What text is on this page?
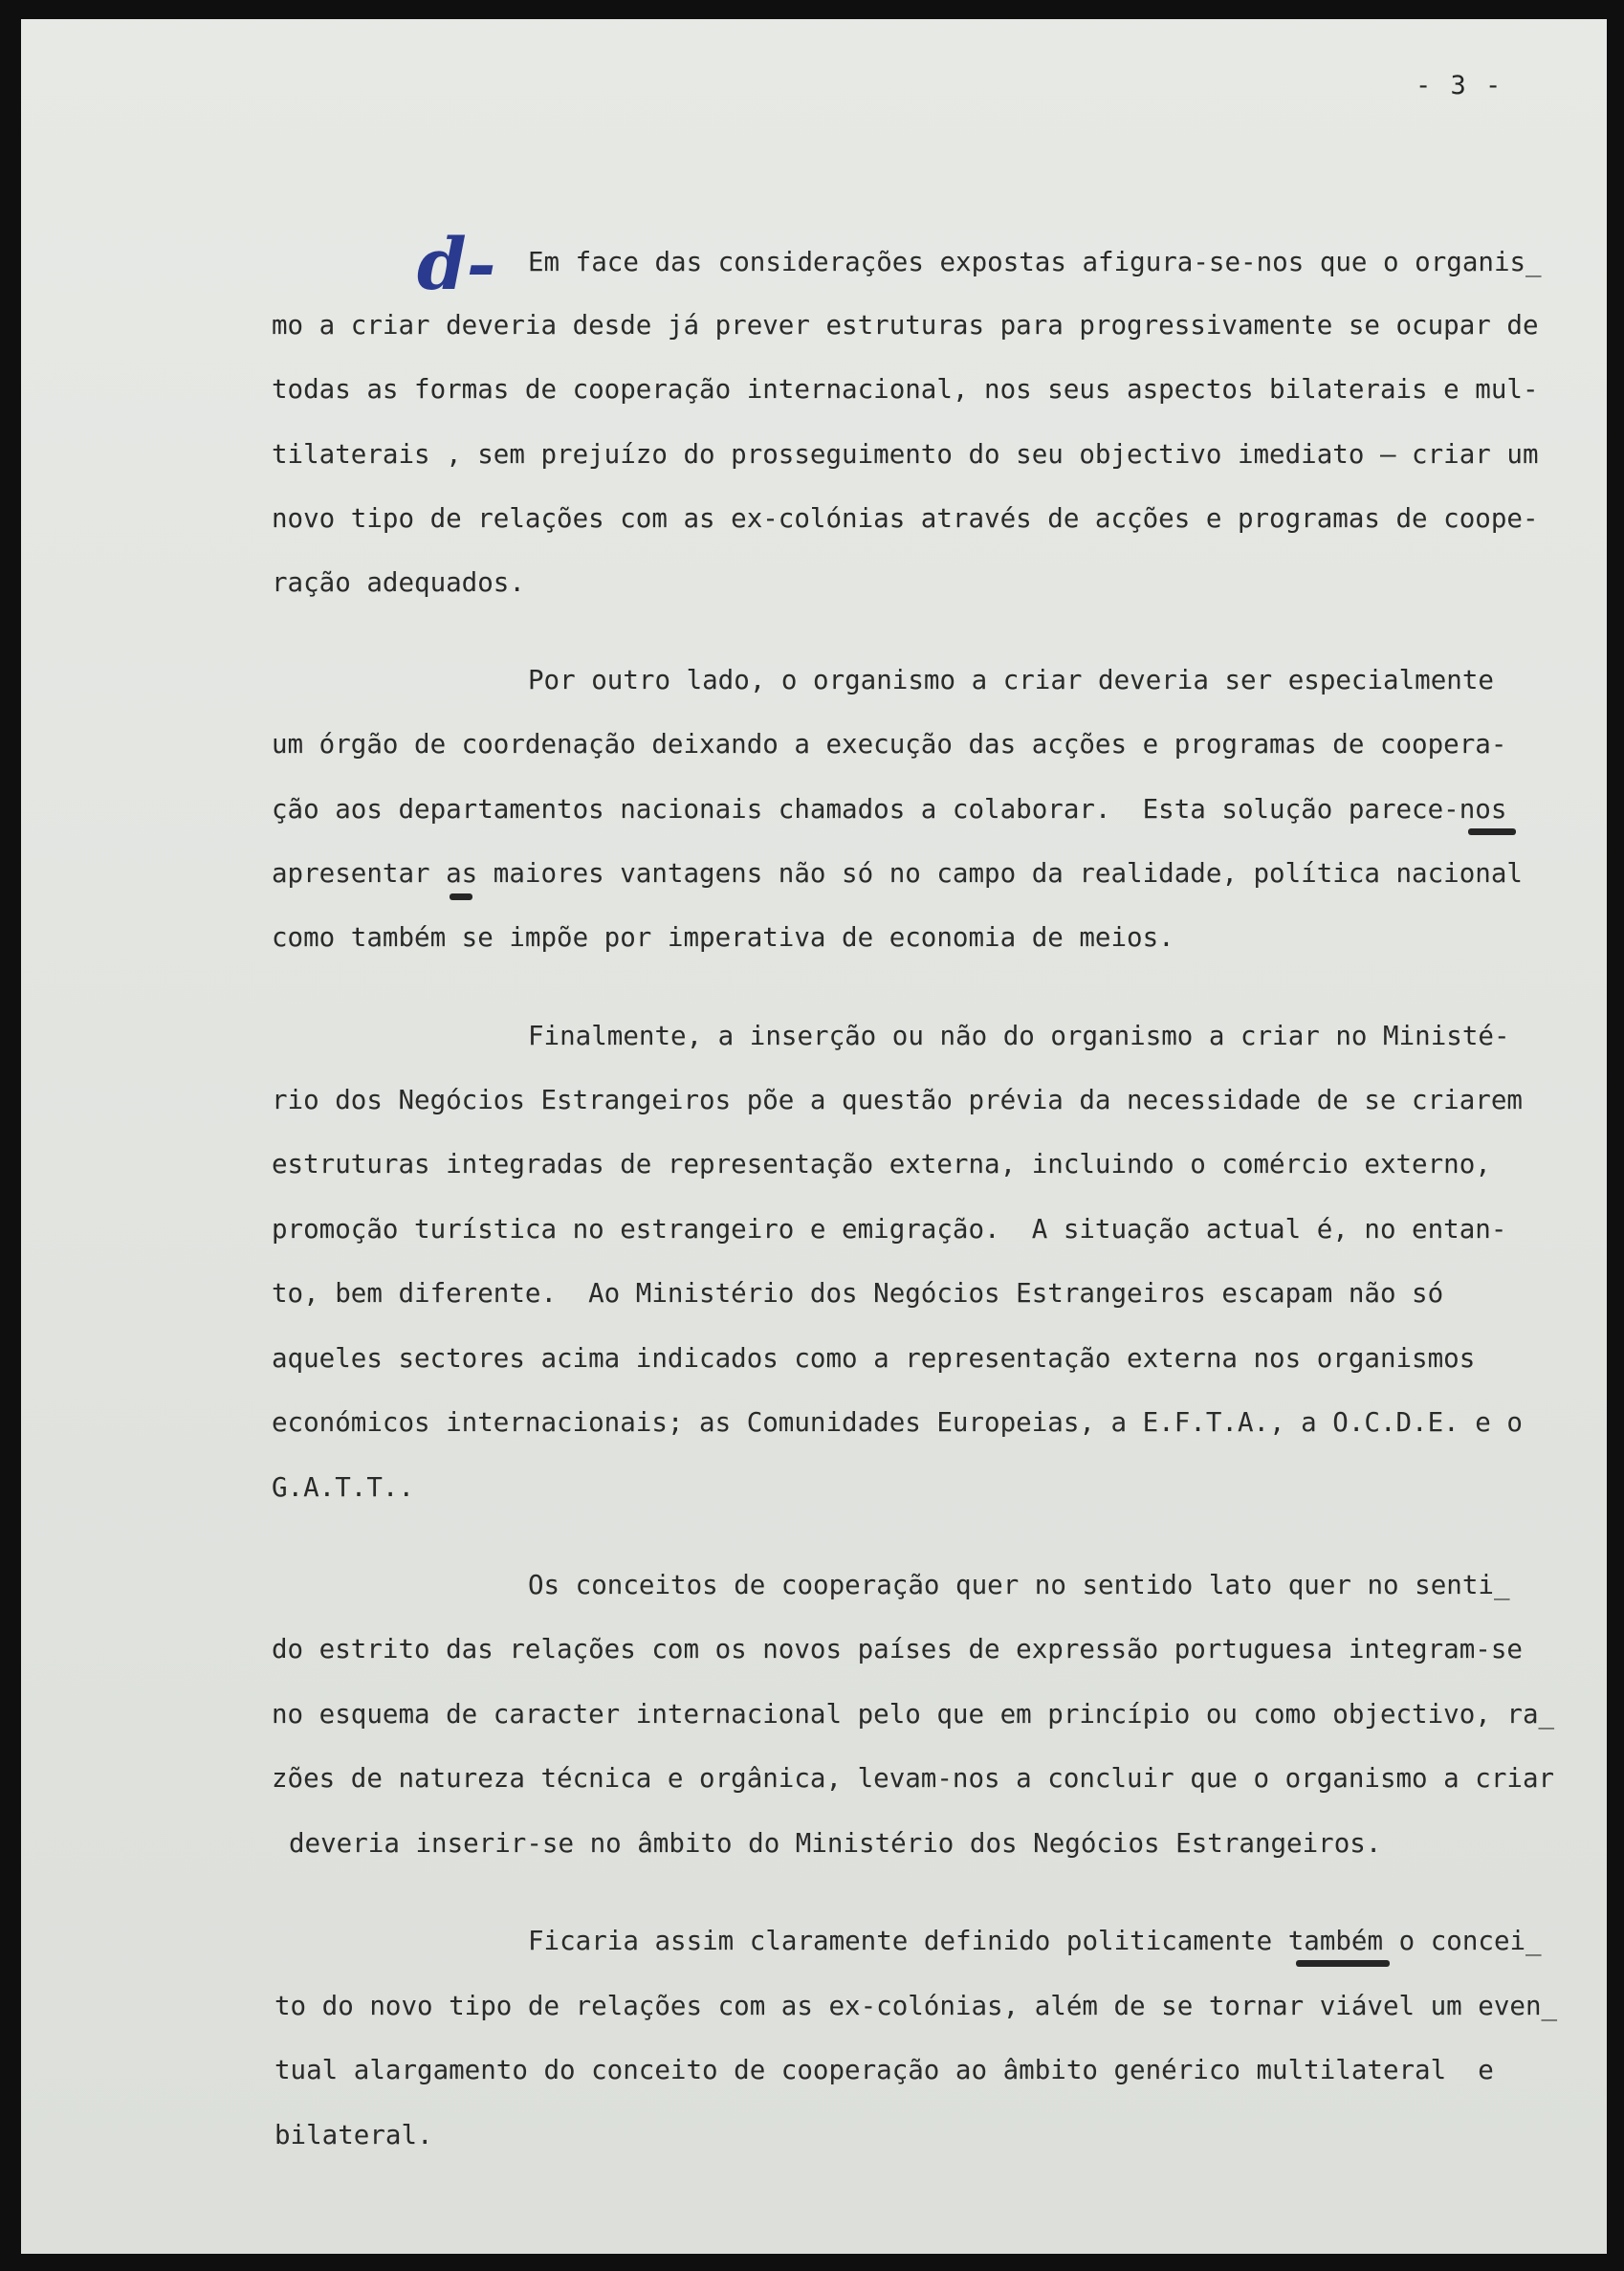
- 3 -
d- Em face das considerações expostas afigura-se-nos que o organis_
mo a criar deveria desde já prever estruturas para progressivamente se ocupar de
todas as formas de cooperação internacional, nos seus aspectos bilaterais e mul-
tilaterais , sem prejuízo do prosseguimento do seu objectivo imediato — criar um
novo tipo de relações com as ex-colónias através de acções e programas de coope-
ração adequados.
Por outro lado, o organismo a criar deveria ser especialmente
um órgão de coordenação deixando a execução das acções e programas de coopera-
ção aos departamentos nacionais chamados a colaborar.  Esta solução parece-nos
apresentar as maiores vantagens não só no campo da realidade, política nacional
como também se impõe por imperativa de economia de meios.
Finalmente, a inserção ou não do organismo a criar no Ministé-
rio dos Negócios Estrangeiros põe a questão prévia da necessidade de se criarem
estruturas integradas de representação externa, incluindo o comércio externo,
promoção turística no estrangeiro e emigração.  A situação actual é, no entan-
to, bem diferente.  Ao Ministério dos Negócios Estrangeiros escapam não só
aqueles sectores acima indicados como a representação externa nos organismos
económicos internacionais; as Comunidades Europeias, a E.F.T.A., a O.C.D.E. e o
G.A.T.T..
Os conceitos de cooperação quer no sentido lato quer no senti_
do estrito das relações com os novos países de expressão portuguesa integram-se
no esquema de caracter internacional pelo que em princípio ou como objectivo, ra_
zões de natureza técnica e orgânica, levam-nos a concluir que o organismo a criar
deveria inserir-se no âmbito do Ministério dos Negócios Estrangeiros.
Ficaria assim claramente definido politicamente também o concei_
to do novo tipo de relações com as ex-colónias, além de se tornar viável um even_
tual alargamento do conceito de cooperação ao âmbito genérico multilateral  e
bilateral.
